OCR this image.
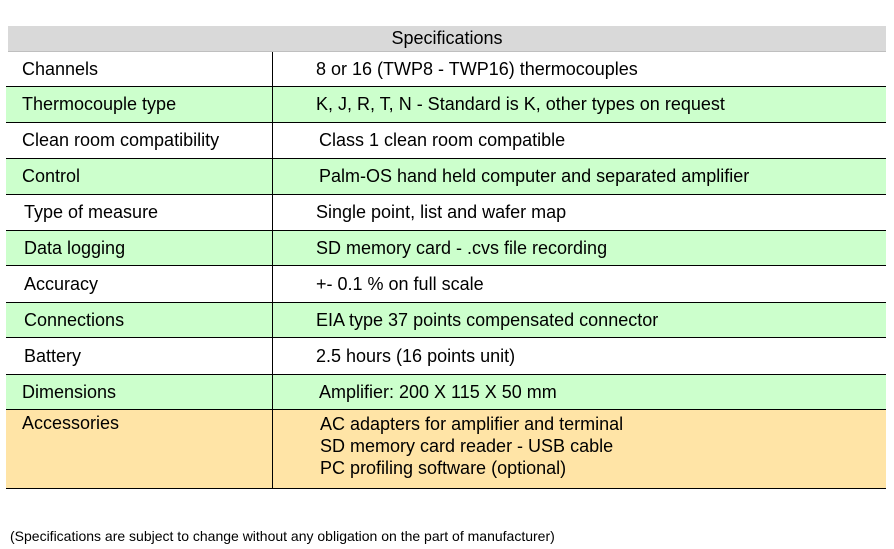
Specifications
Channels	8 or 16 (TWP8 - TWP16) thermocouples
Thermocouple type	K, J, R, T, N - Standard is K, other types on request
Clean room compatibility	Class 1 clean room compatible
Control	Palm-OS hand held computer and separated amplifier
Type of measure	Single point, list and wafer map
Data logging	SD memory card - .cvs file recording
Accuracy	+- 0.1 % on full scale
Connections	EIA type 37 points compensated connector
Battery	2.5 hours (16 points unit)
Dimensions	Amplifier: 200 X 115 X 50 mm
Accessories	AC adapters for amplifier and terminal
SD memory card reader - USB cable
PC profiling software (optional)
(Specifications are subject to change without any obligation on the part of manufacturer)
